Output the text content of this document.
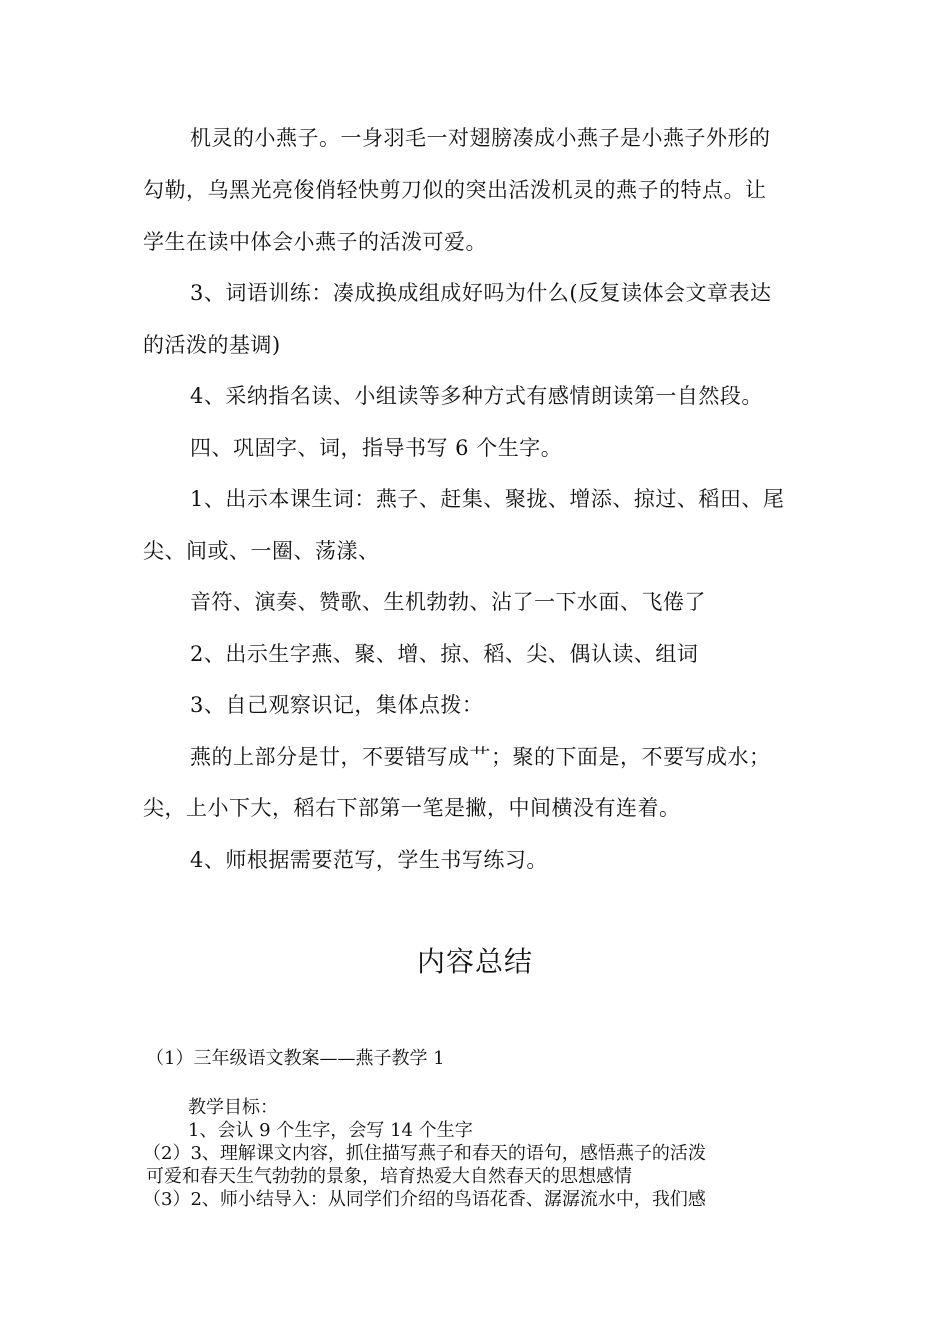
机灵的小燕子。一身羽毛一对翅膀凑成小燕子是小燕子外形的
勾勒，乌黑光亮俊俏轻快剪刀似的突出活泼机灵的燕子的特点。让
学生在读中体会小燕子的活泼可爱。
3、词语训练：凑成换成组成好吗为什么(反复读体会文章表达
的活泼的基调)
4、采纳指名读、小组读等多种方式有感情朗读第一自然段。
四、巩固字、词，指导书写 6 个生字。
1、出示本课生词：燕子、赶集、聚拢、增添、掠过、稻田、尾
尖、间或、一圈、荡漾、
音符、演奏、赞歌、生机勃勃、沾了一下水面、飞倦了
2、出示生字燕、聚、增、掠、稻、尖、偶认读、组词
3、自己观察识记，集体点拨：
燕的上部分是廿，不要错写成艹；聚的下面是，不要写成水；
尖，上小下大，稻右下部第一笔是撇，中间横没有连着。
4、师根据需要范写，学生书写练习。
内容总结
（1）三年级语文教案——燕子教学 1
教学目标：
1、会认 9 个生字，会写 14 个生字
（2）3、理解课文内容，抓住描写燕子和春天的语句，感悟燕子的活泼
可爱和春天生气勃勃的景象，培育热爱大自然春天的思想感情
（3）2、师小结导入：从同学们介绍的鸟语花香、潺潺流水中，我们感
